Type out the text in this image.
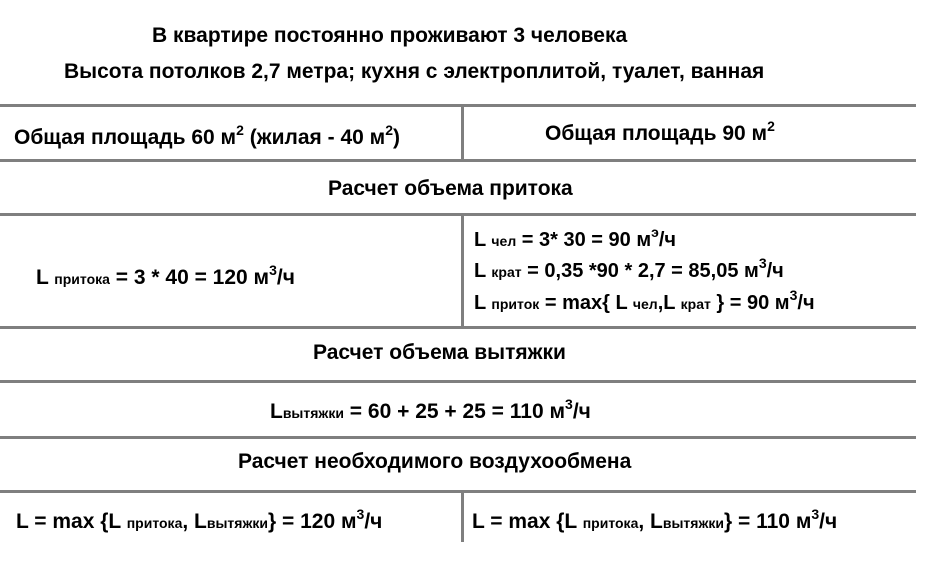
В квартире постоянно проживают 3 человека
Высота потолков 2,7 метра; кухня с электроплитой, туалет, ванная
Общая площадь 60 $м^2$ (жилая - 40 $м^2$)	Общая площадь 90 $м^2$
Расчет объема притока
L притока = 3 * 40 = 120 $м^3/ч$
L чел = 3* 30 = 90 $м^э/ч$
L крат = 0,35 *90 * 2,7 = 85,05 $м^3/ч$
L приток = max{ L чел,L крат } = 90 $м^3/ч$
Расчет объема вытяжки
Lвытяжки = 60 + 25 + 25 = 110 $м^3/ч$
Расчет необходимого воздухообмена
L = max {L притока, Lвытяжки} = 120 $м^3/ч$	L = max {L притока, Lвытяжки} = 110 $м^3/ч$
